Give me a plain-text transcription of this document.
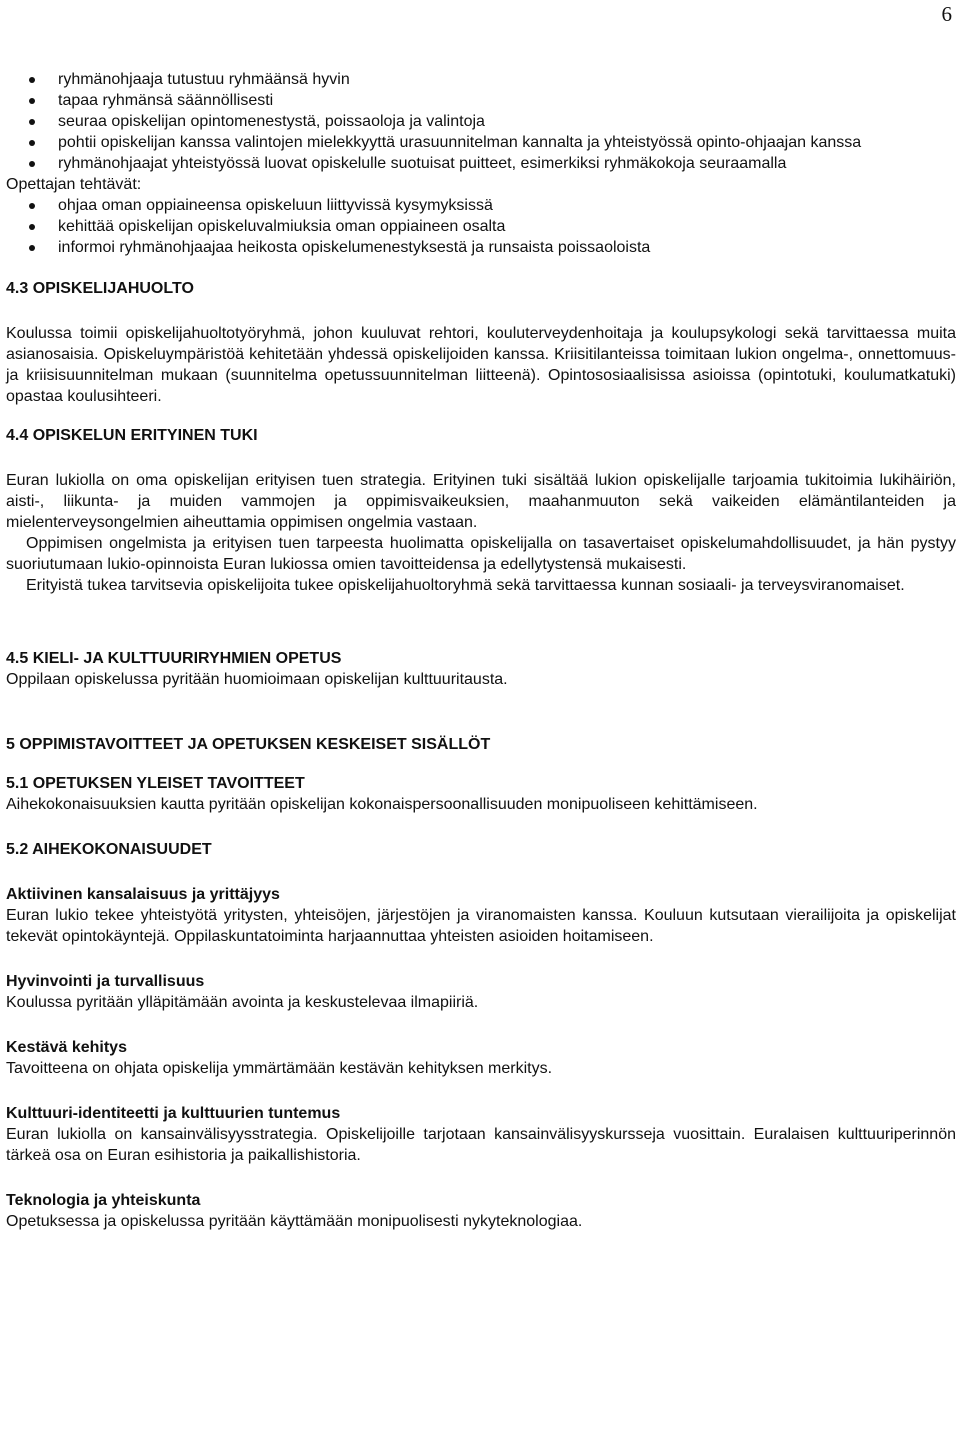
6
ryhmänohjaaja tutustuu ryhmäänsä hyvin
tapaa ryhmänsä säännöllisesti
seuraa opiskelijan opintomenestystä, poissaoloja ja valintoja
pohtii opiskelijan kanssa valintojen mielekkyyttä urasuunnitelman kannalta ja yhteistyössä opinto-ohjaajan kanssa
ryhmänohjaajat yhteistyössä luovat opiskelulle suotuisat puitteet, esimerkiksi ryhmäkokoja seuraamalla

Opettajan tehtävät:

ohjaa oman oppiaineensa opiskeluun liittyvissä kysymyksissä
kehittää opiskelijan opiskeluvalmiuksia oman oppiaineen osalta
informoi ryhmänohjaajaa heikosta opiskelumenestyksestä ja runsaista poissaoloista

4.3 OPISKELIJAHUOLTO

Koulussa toimii opiskelijahuoltotyöryhmä, johon kuuluvat rehtori, kouluterveydenhoitaja ja koulupsykologi sekä tarvittaessa muita asianosaisia. Opiskeluympäristöä kehitetään yhdessä opiskelijoiden kanssa. Kriisitilanteissa toimitaan lukion ongelma-, onnettomuus- ja kriisisuunnitelman mukaan (suunnitelma opetussuunnitelman liitteenä). Opintososiaalisissa asioissa (opintotuki, koulumatkatuki) opastaa koulusihteeri.

4.4 OPISKELUN ERITYINEN TUKI

Euran lukiolla on oma opiskelijan erityisen tuen strategia. Erityinen tuki sisältää lukion opiskelijalle tarjoamia tukitoimia lukihäiriön, aisti-, liikunta- ja muiden vammojen ja oppimisvaikeuksien, maahanmuuton sekä vaikeiden elämäntilanteiden ja mielenterveysongelmien aiheuttamia oppimisen ongelmia vastaan.

Oppimisen ongelmista ja erityisen tuen tarpeesta huolimatta opiskelijalla on tasavertaiset opiskelumahdollisuudet, ja hän pystyy suoriutumaan lukio-opinnoista Euran lukiossa omien tavoitteidensa ja edellytystensä mukaisesti.

Erityistä tukea tarvitsevia opiskelijoita tukee opiskelijahuoltoryhmä sekä tarvittaessa kunnan sosiaali- ja terveysviranomaiset.

4.5 KIELI- JA KULTTUURIRYHMIEN OPETUS

Oppilaan opiskelussa pyritään huomioimaan opiskelijan kulttuuritausta.

5 OPPIMISTAVOITTEET JA OPETUKSEN KESKEISET SISÄLLÖT

5.1 OPETUKSEN YLEISET TAVOITTEET

Aihekokonaisuuksien kautta pyritään opiskelijan kokonaispersoonallisuuden monipuoliseen kehittämiseen.

5.2 AIHEKOKONAISUUDET

Aktiivinen kansalaisuus ja yrittäjyys

Euran lukio tekee yhteistyötä yritysten, yhteisöjen, järjestöjen ja viranomaisten kanssa. Kouluun kutsutaan vierailijoita ja opiskelijat tekevät opintokäyntejä. Oppilaskuntatoiminta harjaannuttaa yhteisten asioiden hoitamiseen.

Hyvinvointi ja turvallisuus

Koulussa pyritään ylläpitämään avointa ja keskustelevaa ilmapiiriä.

Kestävä kehitys

Tavoitteena on ohjata opiskelija ymmärtämään kestävän kehityksen merkitys.

Kulttuuri-identiteetti ja kulttuurien tuntemus

Euran lukiolla on kansainvälisyysstrategia. Opiskelijoille tarjotaan kansainvälisyyskursseja vuosittain. Euralaisen kulttuuriperinnön tärkeä osa on Euran esihistoria ja paikallishistoria.

Teknologia ja yhteiskunta

Opetuksessa ja opiskelussa pyritään käyttämään monipuolisesti nykyteknologiaa.
